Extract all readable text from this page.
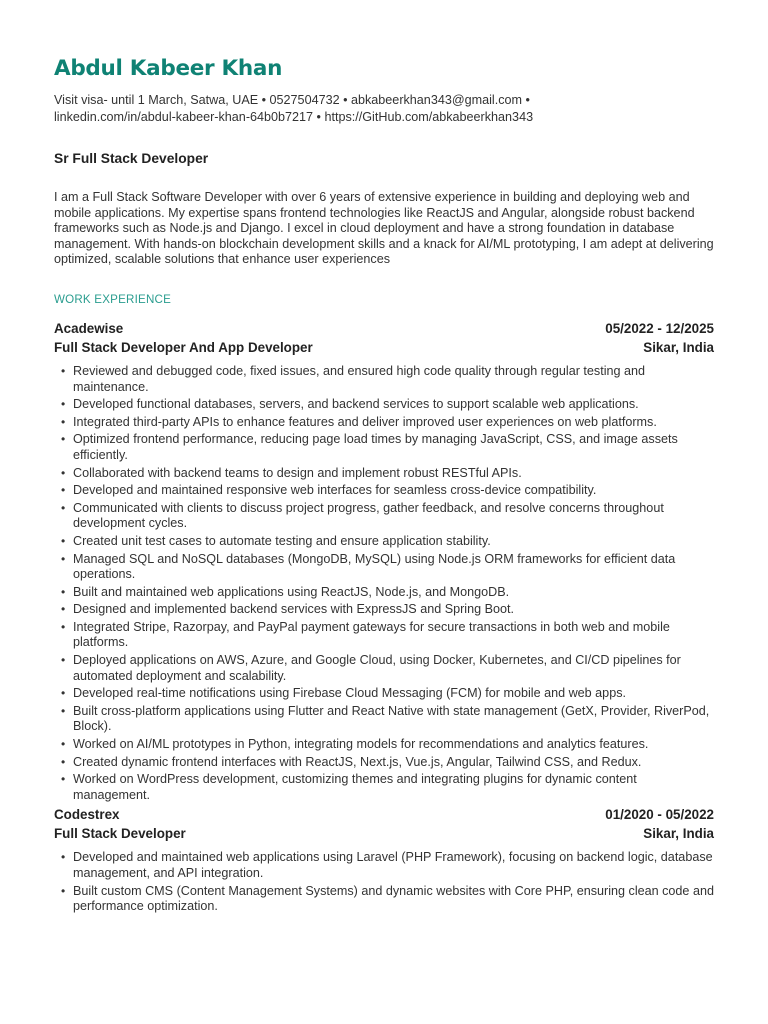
Abdul Kabeer Khan
Visit visa- until 1 March, Satwa, UAE • 0527504732 • abkabeerkhan343@gmail.com •
linkedin.com/in/abdul-kabeer-khan-64b0b7217 • https://GitHub.com/abkabeerkhan343
Sr Full Stack Developer
I am a Full Stack Software Developer with over 6 years of extensive experience in building and deploying web and mobile applications. My expertise spans frontend technologies like ReactJS and Angular, alongside robust backend frameworks such as Node.js and Django. I excel in cloud deployment and have a strong foundation in database management. With hands-on blockchain development skills and a knack for AI/ML prototyping, I am adept at delivering optimized, scalable solutions that enhance user experiences
WORK EXPERIENCE
Acadewise	05/2022 - 12/2025
Full Stack Developer And App Developer	Sikar, India
• Reviewed and debugged code, fixed issues, and ensured high code quality through regular testing and maintenance.
• Developed functional databases, servers, and backend services to support scalable web applications.
• Integrated third-party APIs to enhance features and deliver improved user experiences on web platforms.
• Optimized frontend performance, reducing page load times by managing JavaScript, CSS, and image assets efficiently.
• Collaborated with backend teams to design and implement robust RESTful APIs.
• Developed and maintained responsive web interfaces for seamless cross-device compatibility.
• Communicated with clients to discuss project progress, gather feedback, and resolve concerns throughout development cycles.
• Created unit test cases to automate testing and ensure application stability.
• Managed SQL and NoSQL databases (MongoDB, MySQL) using Node.js ORM frameworks for efficient data operations.
• Built and maintained web applications using ReactJS, Node.js, and MongoDB.
• Designed and implemented backend services with ExpressJS and Spring Boot.
• Integrated Stripe, Razorpay, and PayPal payment gateways for secure transactions in both web and mobile platforms.
• Deployed applications on AWS, Azure, and Google Cloud, using Docker, Kubernetes, and CI/CD pipelines for automated deployment and scalability.
• Developed real-time notifications using Firebase Cloud Messaging (FCM) for mobile and web apps.
• Built cross-platform applications using Flutter and React Native with state management (GetX, Provider, RiverPod, Block).
• Worked on AI/ML prototypes in Python, integrating models for recommendations and analytics features.
• Created dynamic frontend interfaces with ReactJS, Next.js, Vue.js, Angular, Tailwind CSS, and Redux.
• Worked on WordPress development, customizing themes and integrating plugins for dynamic content management.
Codestrex	01/2020 - 05/2022
Full Stack Developer	Sikar, India
• Developed and maintained web applications using Laravel (PHP Framework), focusing on backend logic, database management, and API integration.
• Built custom CMS (Content Management Systems) and dynamic websites with Core PHP, ensuring clean code and performance optimization.
